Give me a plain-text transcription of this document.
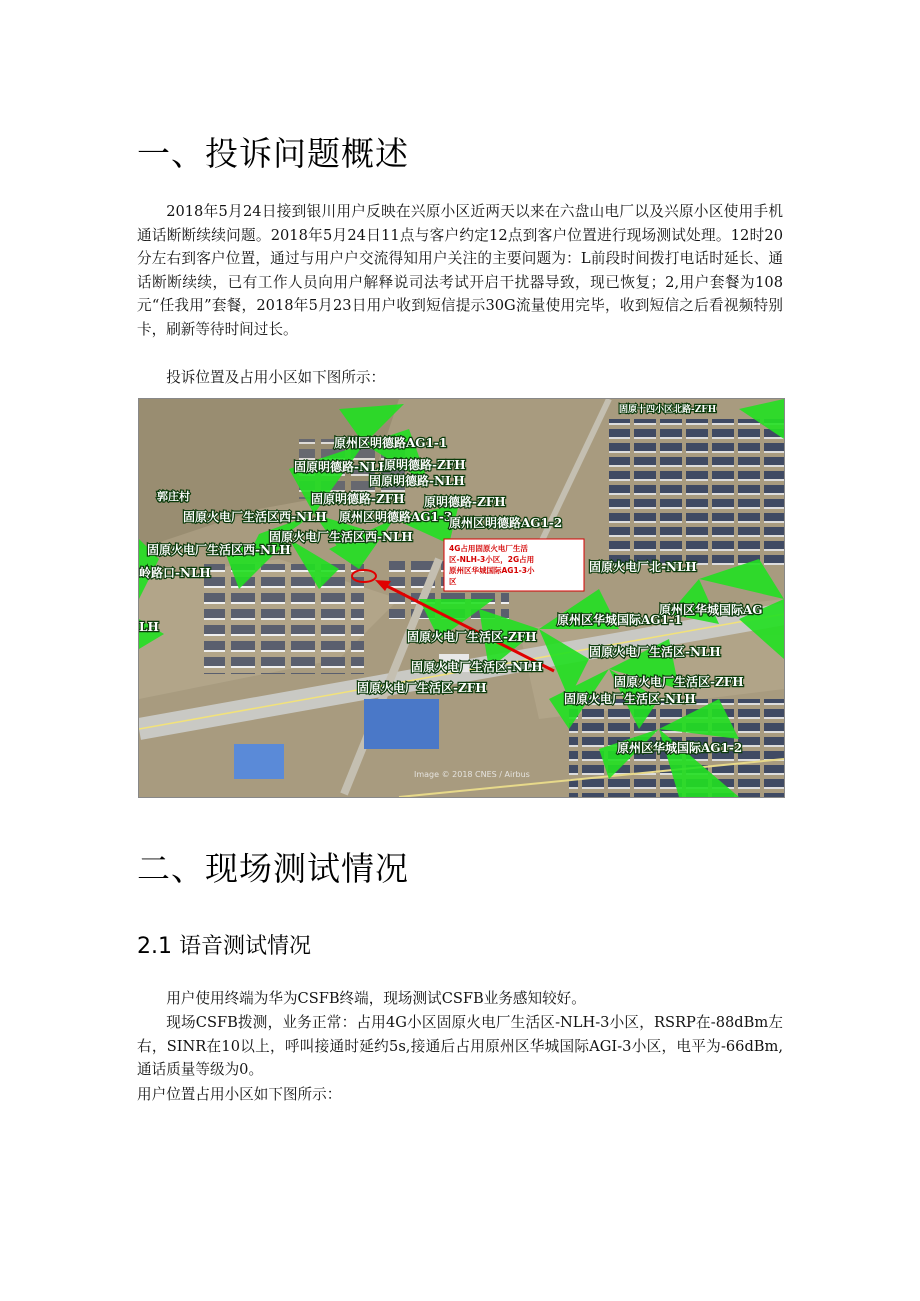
一、投诉问题概述

2018年5月24日接到银川用户反映在兴原小区近两天以来在六盘山电厂以及兴原小区使用手机通话断断续续问题。2018年5月24日11点与客户约定12点到客户位置进行现场测试处理。12时20分左右到客户位置，通过与用户户交流得知用户关注的主要问题为：L前段时间拨打电话时延长、通话断断续续，已有工作人员向用户解释说司法考试开启干扰器导致，现已恢复；2,用户套餐为108元“任我用”套餐，2018年5月23日用户收到短信提示30G流量使用完毕，收到短信之后看视频特别卡，刷新等待时间过长。

投诉位置及占用小区如下图所示：

4G占用固原火电厂生活
区-NLH-3小区，2G占用
原州区华城国际AG1-3小
区
原州区明德路AG1-1
固原明德路-NLH
原明德路-ZFH
固原明德路-NLH
郭庄村	固原明德路-ZFH 原明德路-ZFH
固原火电厂生活区西-NLH 原州区明德路AG1-3
原州区明德路AG1-2
固原火电厂生活区西-NLH
固原火电厂生活区西-NLH
岭路口-NLH	固原火电厂北-NLH
原州区华城国际AG
原州区华城国际AG1-1
LH
固原火电厂生活区-ZFH
固原火电厂生活区-NLH
固原火电厂生活区-NLH
固原火电厂生活区-ZFH
固原火电厂生活区-ZFH
固原火电厂生活区-NLH
原州区华城国际AG1-2
固原十四小区北路-ZFH
Image © 2018 CNES / Airbus
二、现场测试情况
2.1 语音测试情况

用户使用终端为华为CSFB终端，现场测试CSFB业务感知较好。

现场CSFB拨测，业务正常：占用4G小区固原火电厂生活区-NLH-3小区，RSRP在-88dBm左右，SINR在10以上，呼叫接通时延约5s,接通后占用原州区华城国际AGI-3小区，电平为-66dBm,通话质量等级为0。

用户位置占用小区如下图所示：
